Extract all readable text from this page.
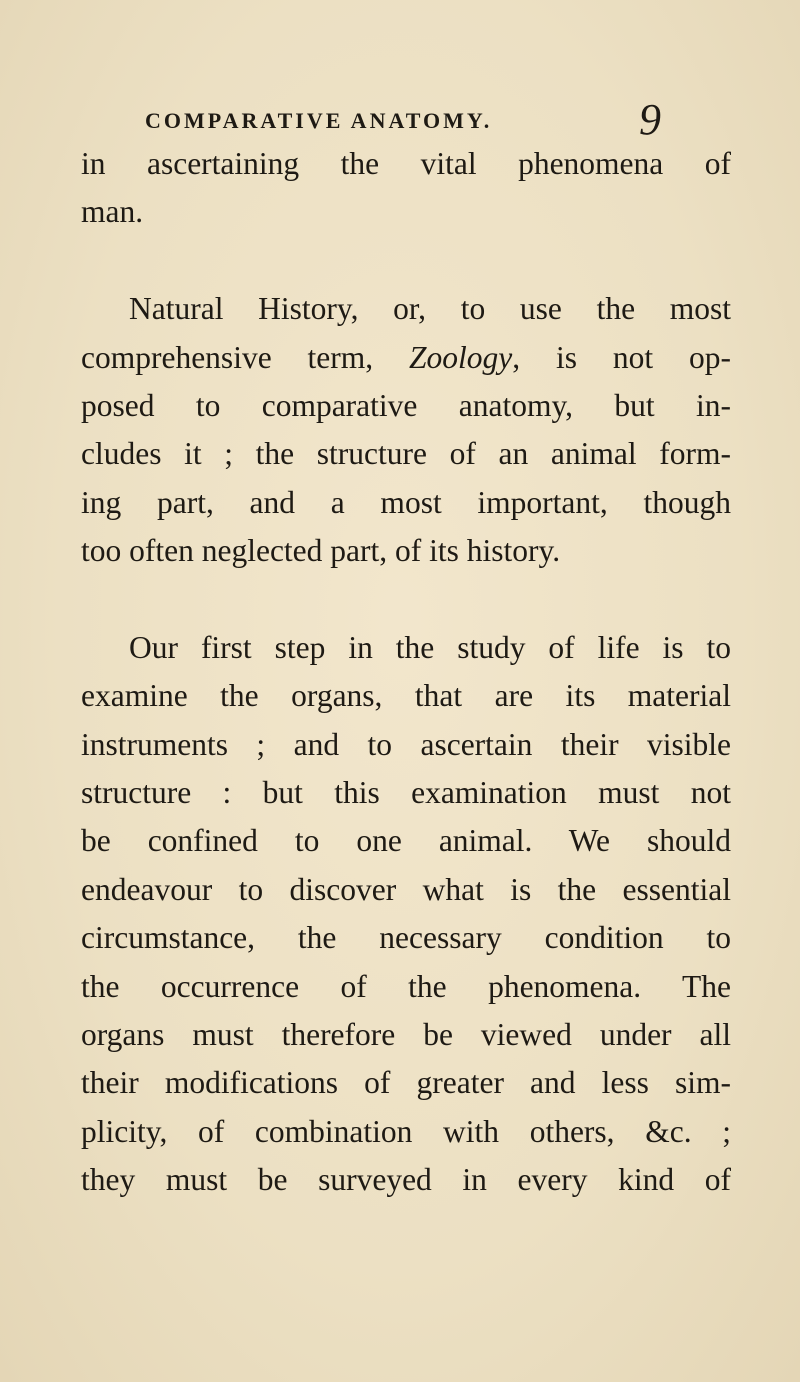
COMPARATIVE ANATOMY.	9
in ascertaining the vital phenomena of
man.
Natural History, or, to use the most
comprehensive term, Zoology, is not op-
posed to comparative anatomy, but in-
cludes it ; the structure of an animal form-
ing part, and a most important, though
too often neglected part, of its history.
Our first step in the study of life is to
examine the organs, that are its material
instruments ; and to ascertain their visible
structure : but this examination must not
be confined to one animal. We should
endeavour to discover what is the essential
circumstance, the necessary condition to
the occurrence of the phenomena. The
organs must therefore be viewed under all
their modifications of greater and less sim-
plicity, of combination with others, &c. ;
they must be surveyed in every kind of
